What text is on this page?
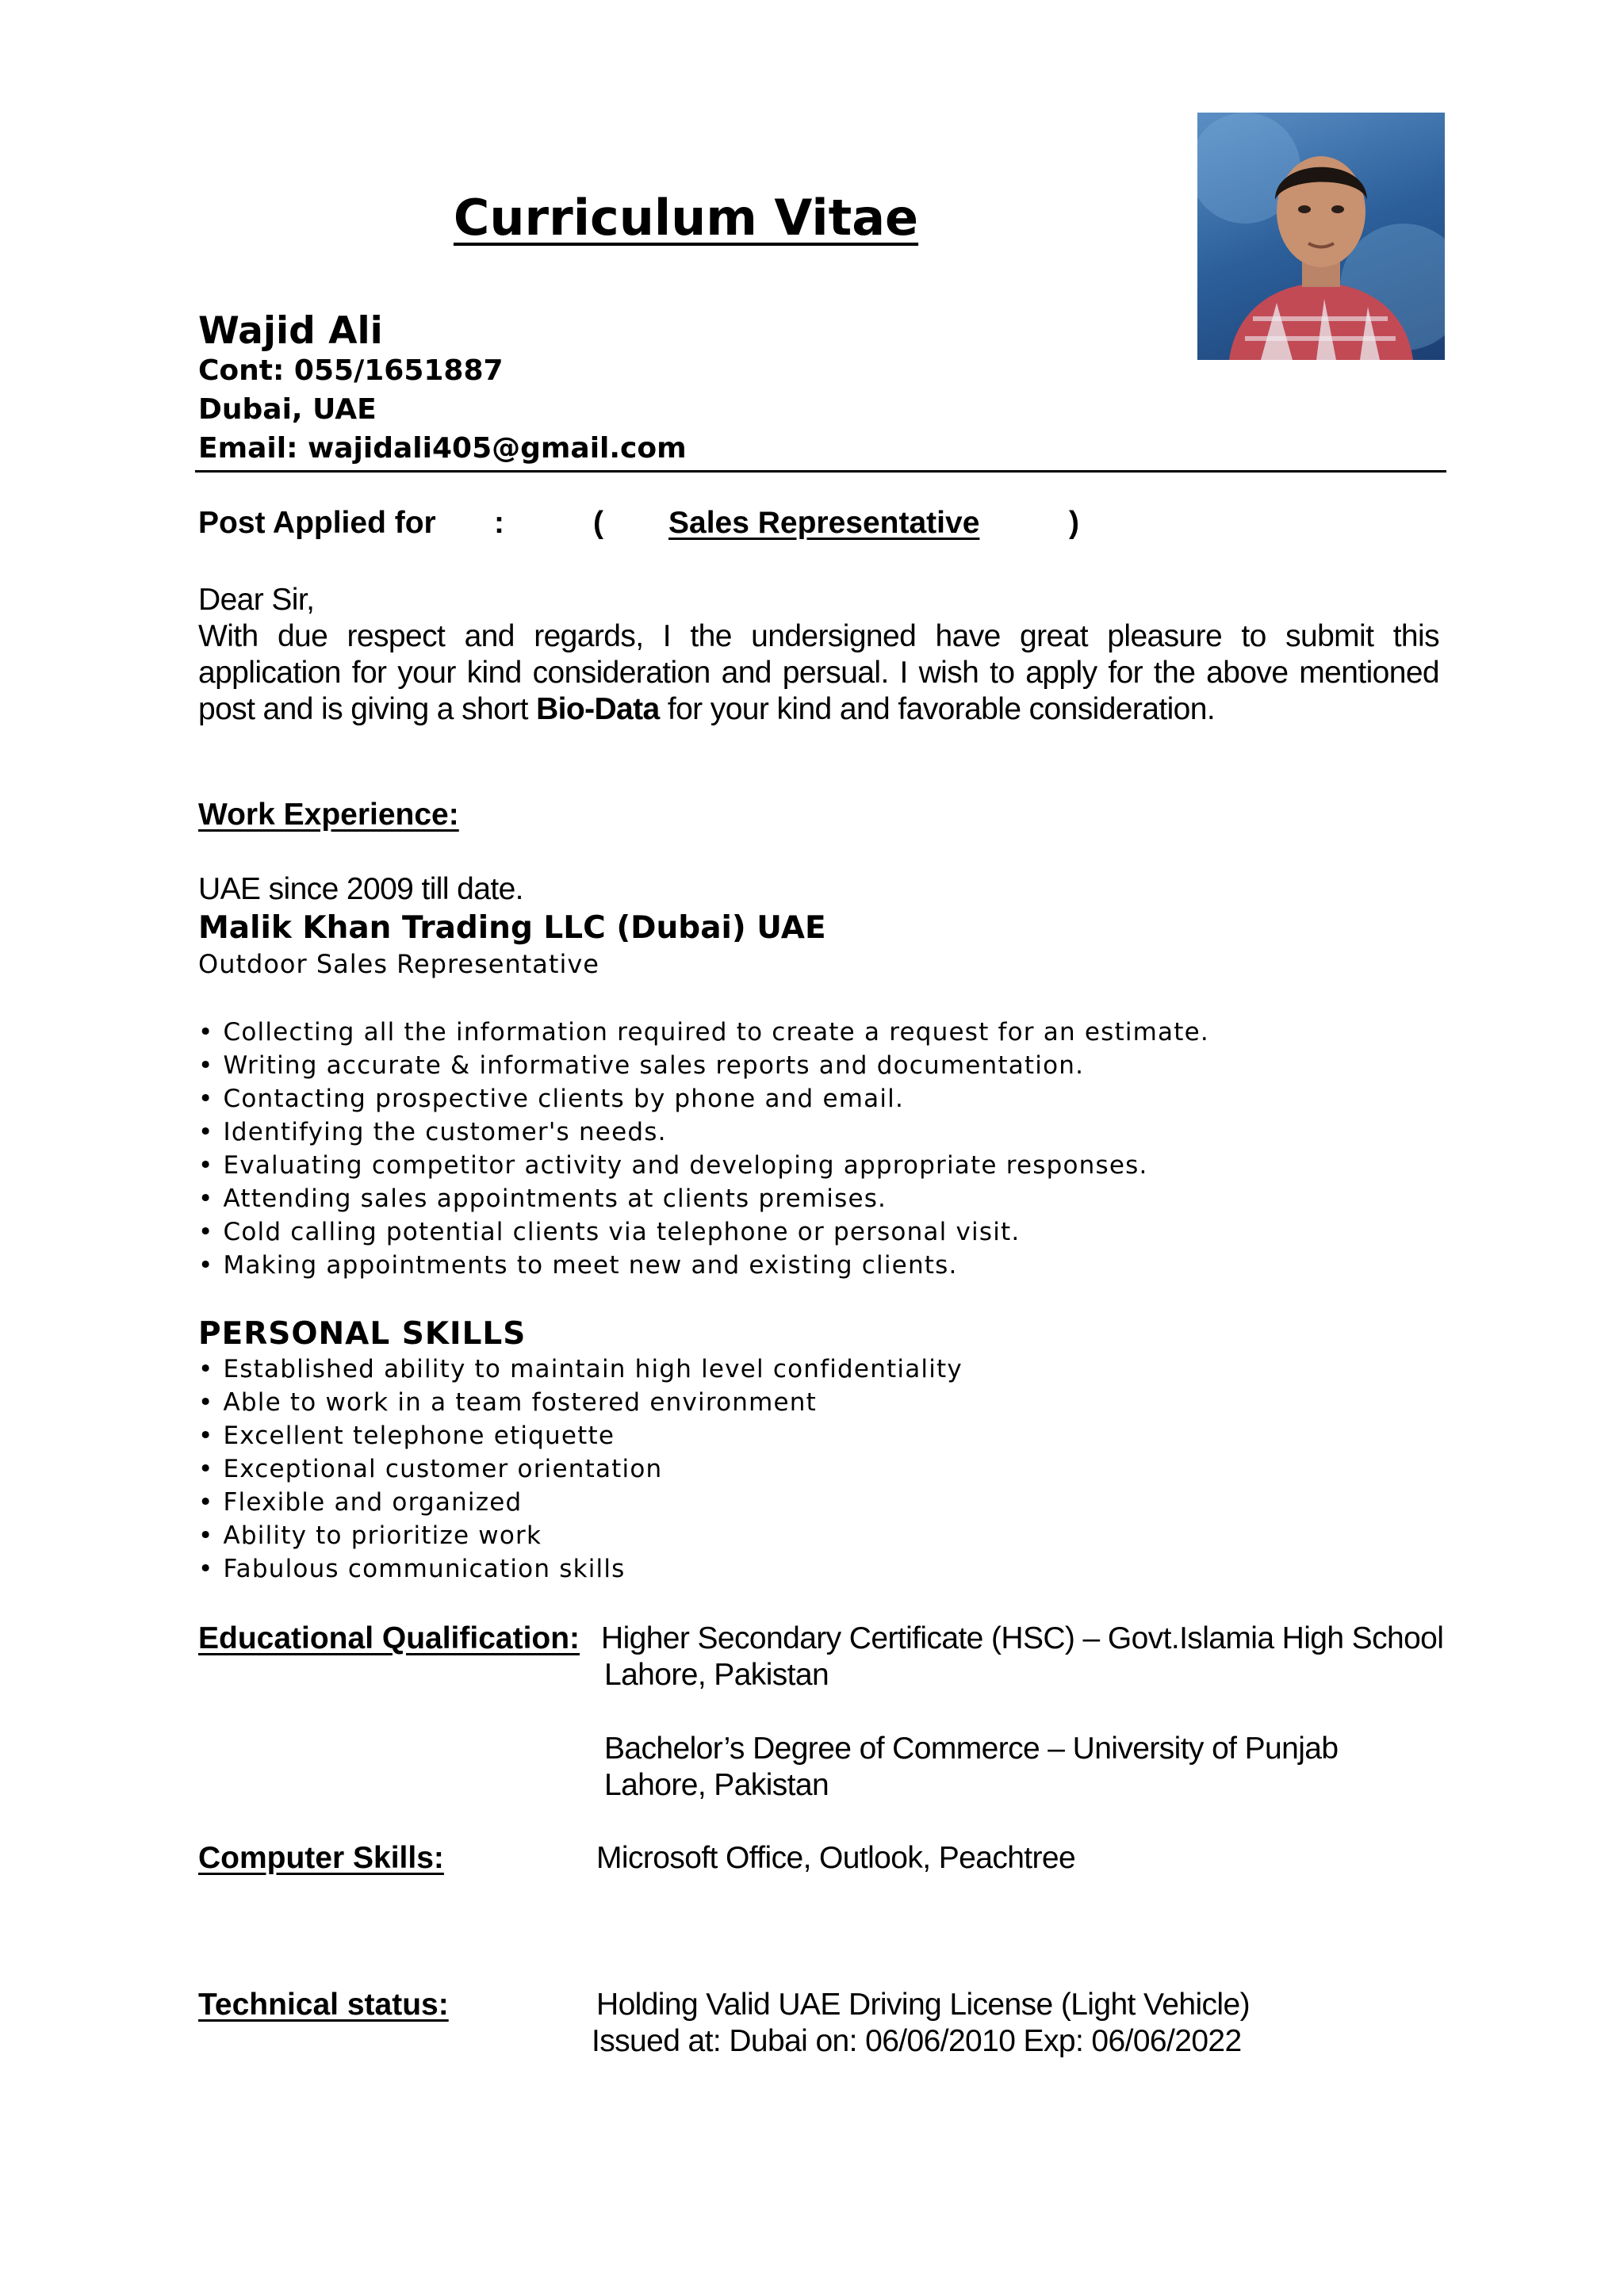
Curriculum Vitae
Wajid Ali
Cont: 055/1651887
Dubai, UAE
Email: wajidali405@gmail.com
Post Applied for :	( Sales Representative	)
Dear Sir,
With due respect and regards, I the undersigned have great pleasure to submit this application for your kind consideration and persual. I wish to apply for the above mentioned post and is giving a short Bio-Data for your kind and favorable consideration.
Work Experience:
UAE since 2009 till date.
Malik Khan Trading LLC (Dubai) UAE
Outdoor Sales Representative
• Collecting all the information required to create a request for an estimate.
• Writing accurate & informative sales reports and documentation.
• Contacting prospective clients by phone and email.
• Identifying the customer's needs.
• Evaluating competitor activity and developing appropriate responses.
• Attending sales appointments at clients premises.
• Cold calling potential clients via telephone or personal visit.
• Making appointments to meet new and existing clients.
PERSONAL SKILLS
• Established ability to maintain high level confidentiality
• Able to work in a team fostered environment
• Excellent telephone etiquette
• Exceptional customer orientation
• Flexible and organized
• Ability to prioritize work
• Fabulous communication skills
Educational Qualification: Higher Secondary Certificate (HSC) – Govt.Islamia High School
Lahore, Pakistan
Bachelor’s Degree of Commerce – University of Punjab
Lahore, Pakistan
Computer Skills:	Microsoft Office, Outlook, Peachtree
Technical status:	Holding Valid UAE Driving License (Light Vehicle)
Issued at: Dubai on: 06/06/2010 Exp: 06/06/2022
